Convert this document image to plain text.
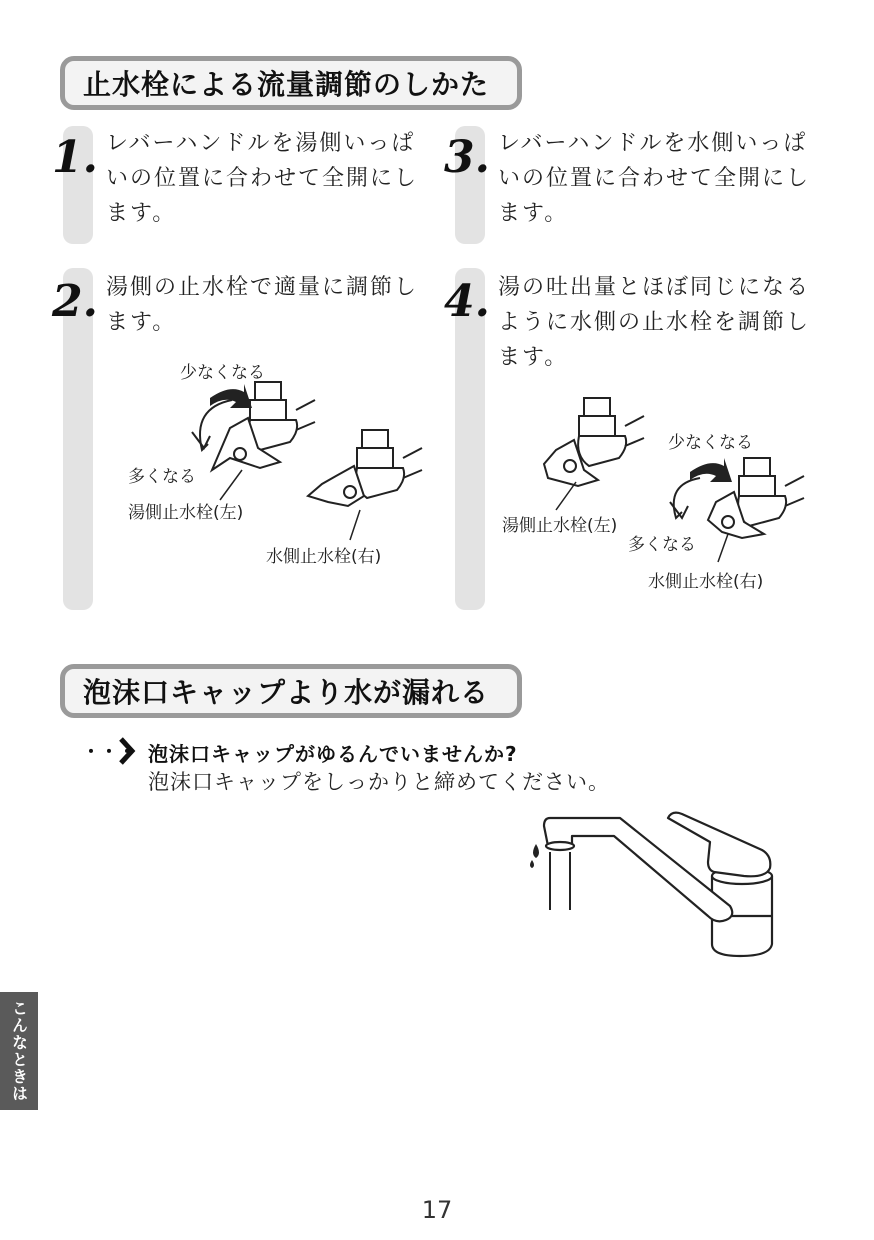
止水栓による流量調節のしかた
1.
2.
3.
4.
レバーハンドルを湯側いっぱ
いの位置に合わせて全開にし
ます。
湯側の止水栓で適量に調節し
ます。
レバーハンドルを水側いっぱ
いの位置に合わせて全開にし
ます。
湯の吐出量とほぼ同じになる
ように水側の止水栓を調節し
ます。
少なくなる
多くなる
湯側止水栓(左)
水側止水栓(右)
少なくなる
湯側止水栓(左)
多くなる
水側止水栓(右)
泡沫口キャップより水が漏れる
・・・ 泡沫口キャップがゆるんでいませんか?
泡沫口キャップをしっかりと締めてください。
こんなときは
17
